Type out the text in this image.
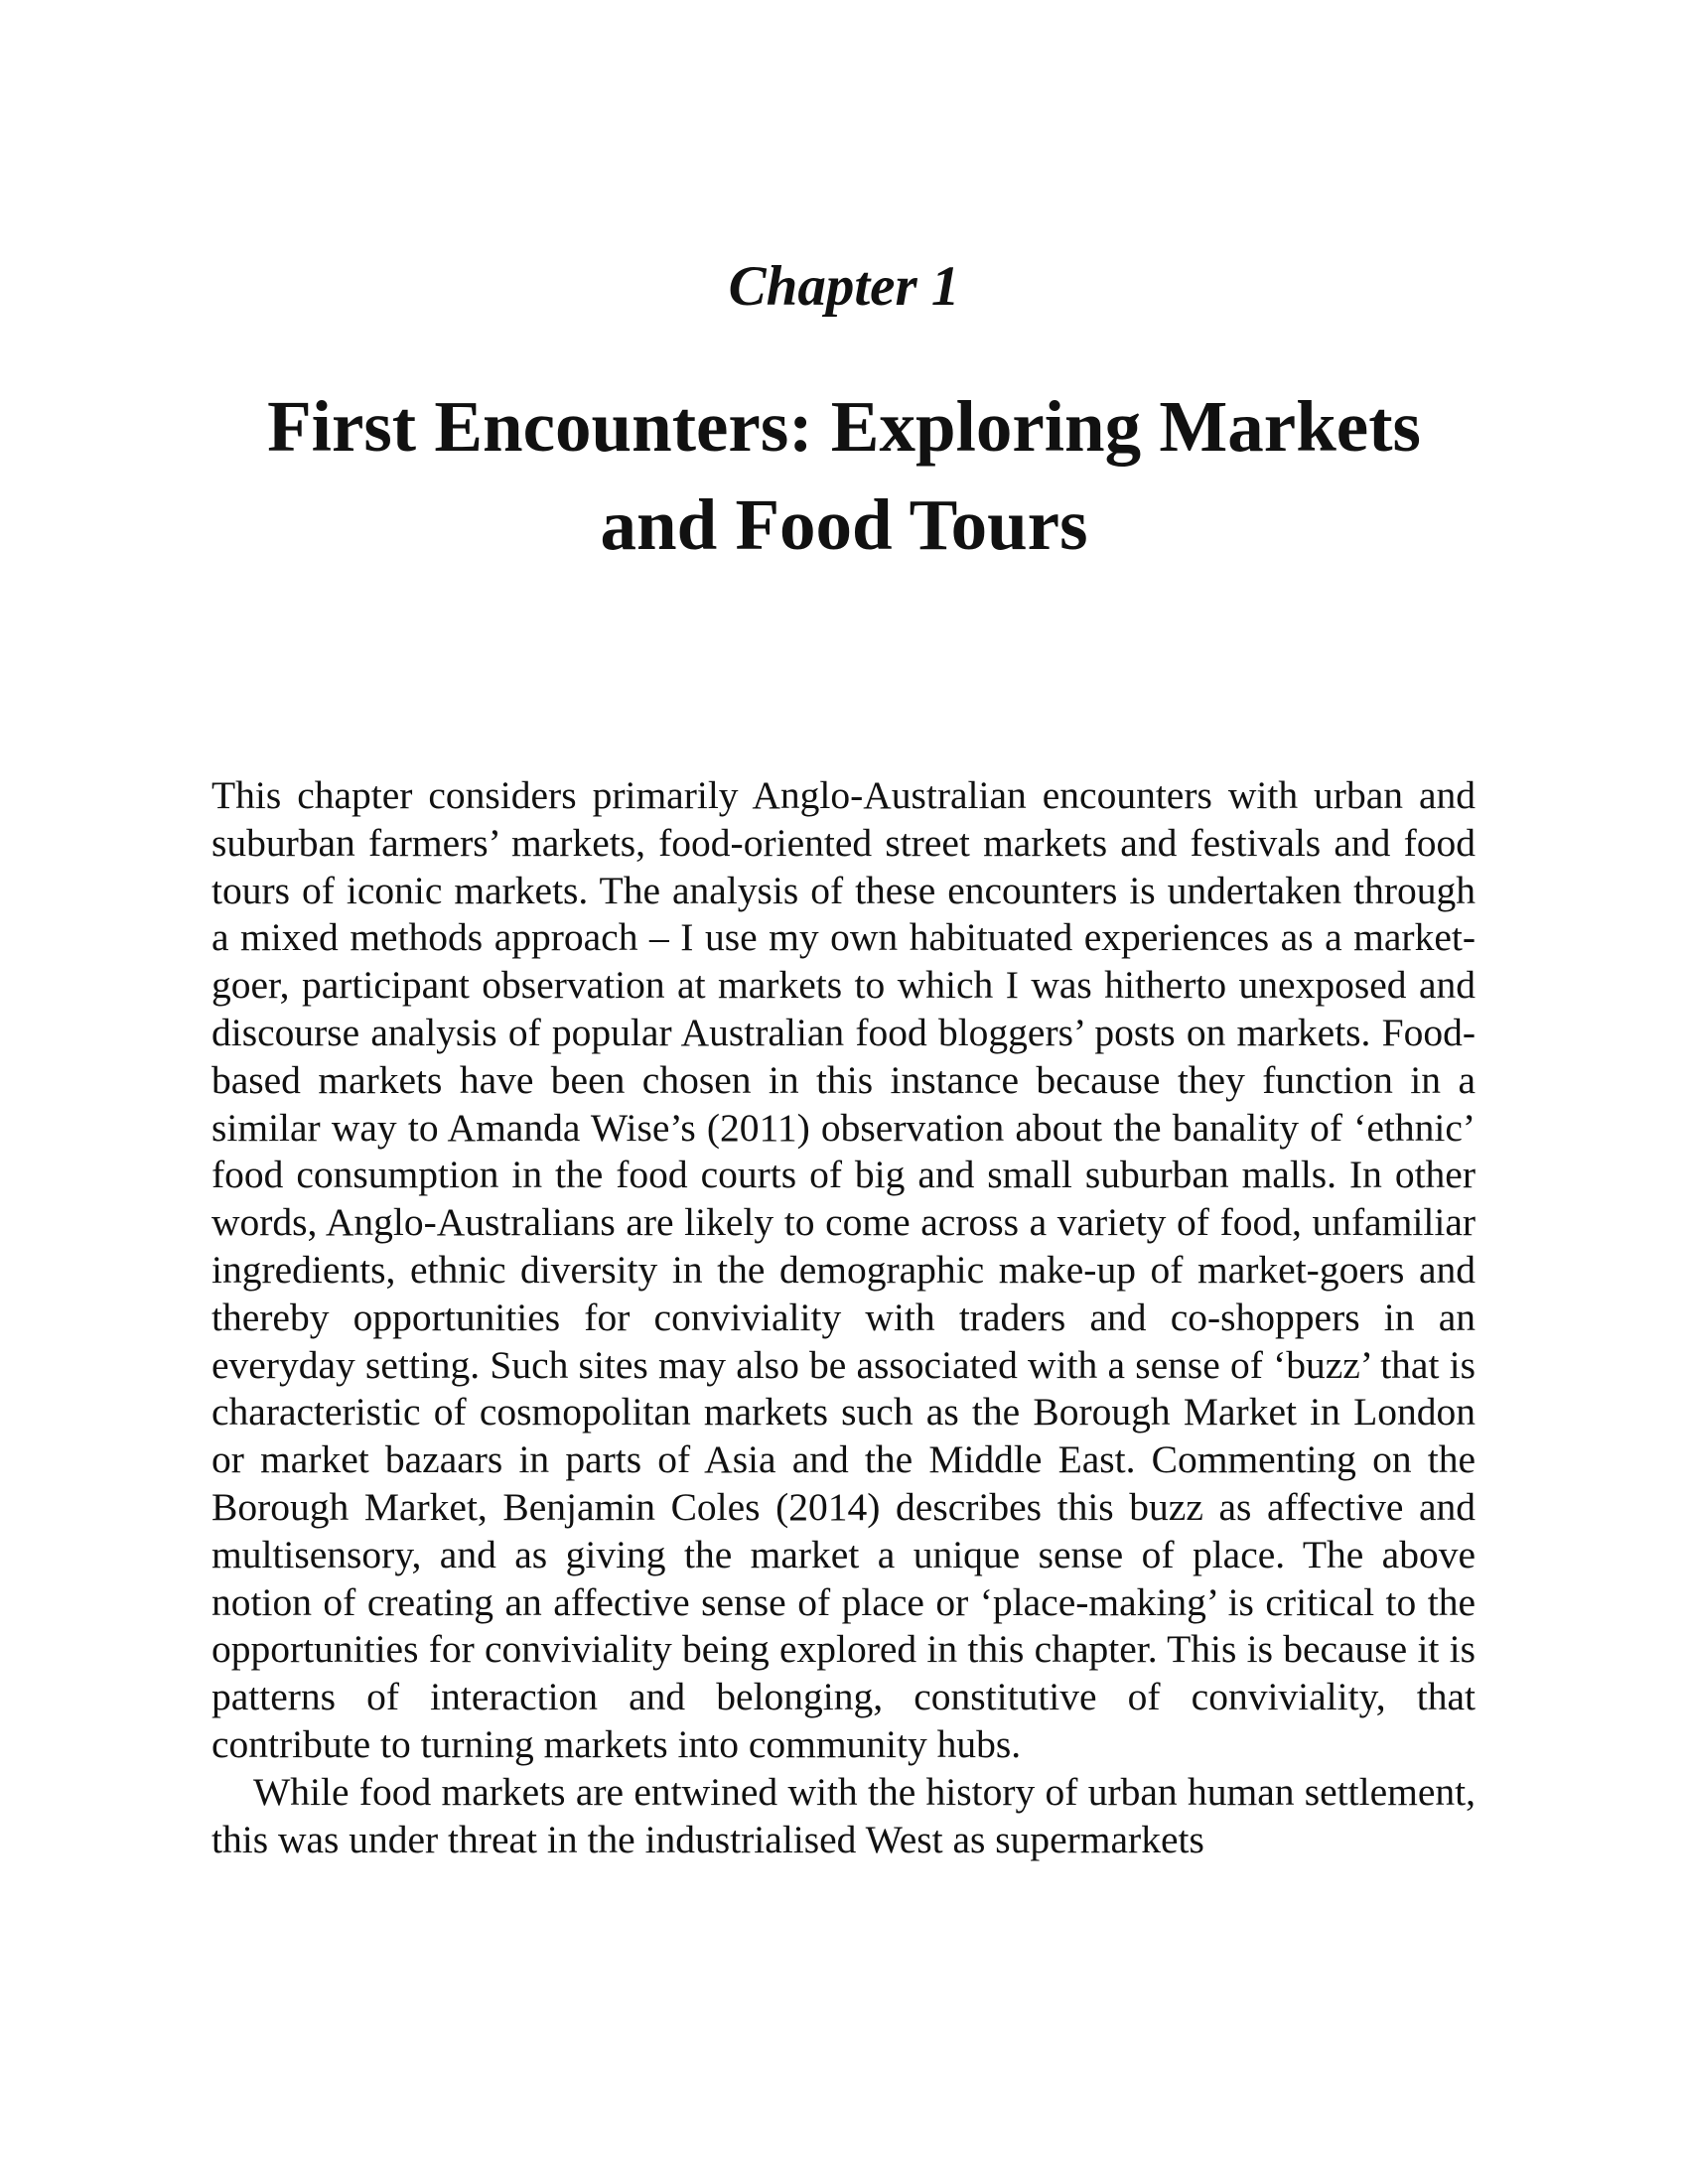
Chapter 1
First Encounters: Exploring Markets
and Food Tours

This chapter considers primarily Anglo-Australian encounters with urban and suburban farmers’ markets, food-oriented street markets and festivals and food tours of iconic markets. The analysis of these encounters is undertaken through a mixed methods approach – I use my own habituated experiences as a market-goer, participant observation at markets to which I was hitherto unexposed and discourse analysis of popular Australian food bloggers’ posts on markets. Food-based markets have been chosen in this instance because they function in a similar way to Amanda Wise’s (2011) observation about the banality of ‘ethnic’ food consumption in the food courts of big and small suburban malls. In other words, Anglo-Australians are likely to come across a variety of food, unfamiliar ingredients, ethnic diversity in the demographic make-up of market-goers and thereby opportunities for conviviality with traders and co-shoppers in an everyday setting. Such sites may also be associated with a sense of ‘buzz’ that is characteristic of cosmopolitan markets such as the Borough Market in London or market bazaars in parts of Asia and the Middle East. Commenting on the Borough Market, Benjamin Coles (2014) describes this buzz as affective and multisensory, and as giving the market a unique sense of place. The above notion of creating an affective sense of place or ‘place-making’ is critical to the opportunities for conviviality being explored in this chapter. This is because it is patterns of interaction and belonging, constitutive of conviviality, that contribute to turning markets into community hubs.

While food markets are entwined with the history of urban human settlement, this was under threat in the industrialised West as supermarkets
